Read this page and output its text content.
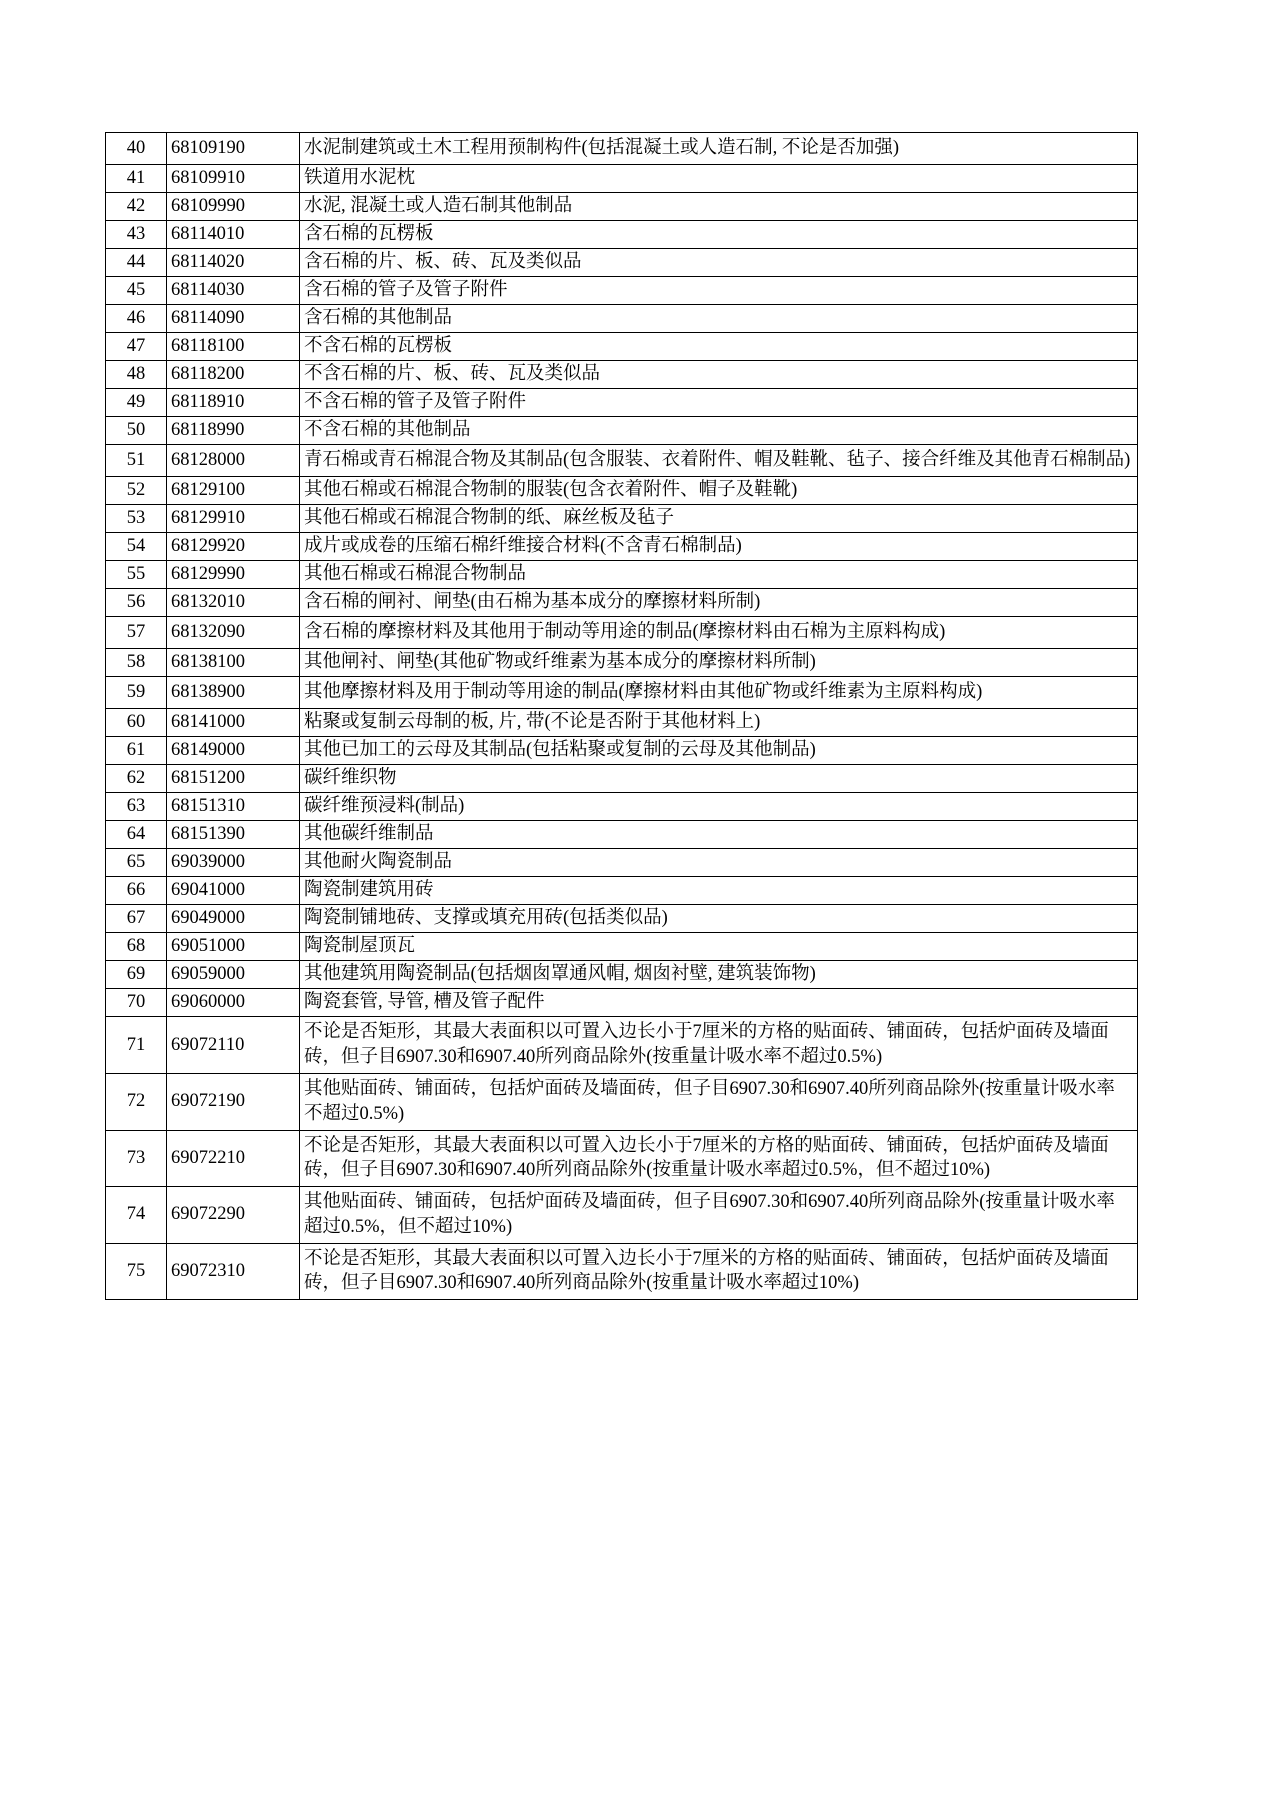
40	68109190	水泥制建筑或土木工程用预制构件(包括混凝土或人造石制, 不论是否加强)
41	68109910	铁道用水泥枕
42	68109990	水泥, 混凝土或人造石制其他制品
43	68114010	含石棉的瓦楞板
44	68114020	含石棉的片、板、砖、瓦及类似品
45	68114030	含石棉的管子及管子附件
46	68114090	含石棉的其他制品
47	68118100	不含石棉的瓦楞板
48	68118200	不含石棉的片、板、砖、瓦及类似品
49	68118910	不含石棉的管子及管子附件
50	68118990	不含石棉的其他制品
51	68128000	青石棉或青石棉混合物及其制品(包含服装、衣着附件、帽及鞋靴、毡子、接合纤维及其他青石棉制品)
52	68129100	其他石棉或石棉混合物制的服装(包含衣着附件、帽子及鞋靴)
53	68129910	其他石棉或石棉混合物制的纸、麻丝板及毡子
54	68129920	成片或成卷的压缩石棉纤维接合材料(不含青石棉制品)
55	68129990	其他石棉或石棉混合物制品
56	68132010	含石棉的闸衬、闸垫(由石棉为基本成分的摩擦材料所制)
57	68132090	含石棉的摩擦材料及其他用于制动等用途的制品(摩擦材料由石棉为主原料构成)
58	68138100	其他闸衬、闸垫(其他矿物或纤维素为基本成分的摩擦材料所制)
59	68138900	其他摩擦材料及用于制动等用途的制品(摩擦材料由其他矿物或纤维素为主原料构成)
60	68141000	粘聚或复制云母制的板, 片, 带(不论是否附于其他材料上)
61	68149000	其他已加工的云母及其制品(包括粘聚或复制的云母及其他制品)
62	68151200	碳纤维织物
63	68151310	碳纤维预浸料(制品)
64	68151390	其他碳纤维制品
65	69039000	其他耐火陶瓷制品
66	69041000	陶瓷制建筑用砖
67	69049000	陶瓷制铺地砖、支撑或填充用砖(包括类似品)
68	69051000	陶瓷制屋顶瓦
69	69059000	其他建筑用陶瓷制品(包括烟囱罩通风帽, 烟囱衬壁, 建筑装饰物)
70	69060000	陶瓷套管, 导管, 槽及管子配件
71	69072110	不论是否矩形，其最大表面积以可置入边长小于7厘米的方格的贴面砖、铺面砖，包括炉面砖及墙面砖，但子目6907.30和6907.40所列商品除外(按重量计吸水率不超过0.5%)
72	69072190	其他贴面砖、铺面砖，包括炉面砖及墙面砖，但子目6907.30和6907.40所列商品除外(按重量计吸水率不超过0.5%)
73	69072210	不论是否矩形，其最大表面积以可置入边长小于7厘米的方格的贴面砖、铺面砖，包括炉面砖及墙面砖，但子目6907.30和6907.40所列商品除外(按重量计吸水率超过0.5%，但不超过10%)
74	69072290	其他贴面砖、铺面砖，包括炉面砖及墙面砖，但子目6907.30和6907.40所列商品除外(按重量计吸水率超过0.5%，但不超过10%)
75	69072310	不论是否矩形，其最大表面积以可置入边长小于7厘米的方格的贴面砖、铺面砖，包括炉面砖及墙面砖，但子目6907.30和6907.40所列商品除外(按重量计吸水率超过10%)
